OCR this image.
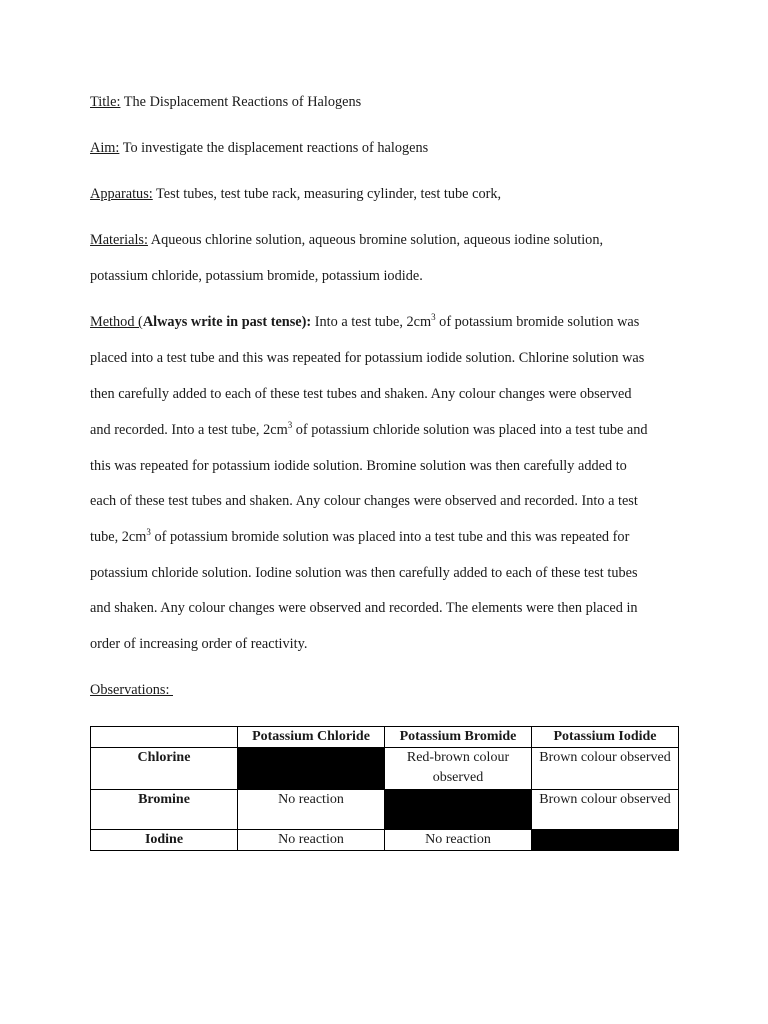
Title: The Displacement Reactions of Halogens
Aim: To investigate the displacement reactions of halogens
Apparatus: Test tubes, test tube rack, measuring cylinder, test tube cork,
Materials: Aqueous chlorine solution, aqueous bromine solution, aqueous iodine solution,
potassium chloride, potassium bromide, potassium iodide.
Method (Always write in past tense): Into a test tube, $2cm^3$ of potassium bromide solution was
placed into a test tube and this was repeated for potassium iodide solution. Chlorine solution was
then carefully added to each of these test tubes and shaken. Any colour changes were observed
and recorded. Into a test tube, $2cm^3$ of potassium chloride solution was placed into a test tube and
this was repeated for potassium iodide solution. Bromine solution was then carefully added to
each of these test tubes and shaken. Any colour changes were observed and recorded. Into a test
tube, $2cm^3$ of potassium bromide solution was placed into a test tube and this was repeated for
potassium chloride solution. Iodine solution was then carefully added to each of these test tubes
and shaken. Any colour changes were observed and recorded. The elements were then placed in
order of increasing order of reactivity.
Observations:
	Potassium Chloride	Potassium Bromide	Potassium Iodide
Chlorine		Red-brown colour observed	Brown colour observed
Bromine	No reaction		Brown colour observed
Iodine	No reaction	No reaction	
